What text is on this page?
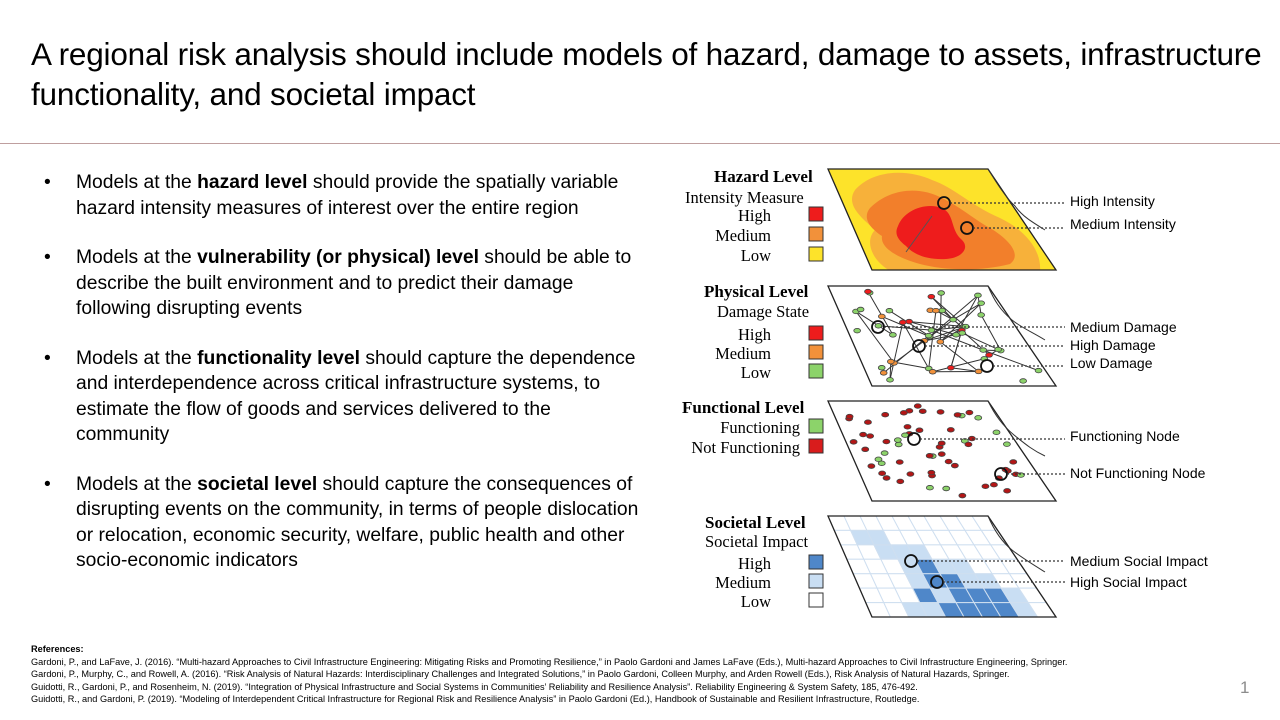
A regional risk analysis should include models of hazard, damage to assets, infrastructure functionality, and societal impact
• Models at the hazard level should provide the spatially variable hazard intensity measures of interest over the entire region
• Models at the vulnerability (or physical) level should be able to describe the built environment and to predict their damage following disrupting events
• Models at the functionality level should capture the dependence and interdependence across critical infrastructure systems, to estimate the flow of goods and services delivered to the community
• Models at the societal level should capture the consequences of disrupting events on the community, in terms of people dislocation or relocation, economic security, welfare, public health and other socio-economic indicators
Hazard Level
Intensity Measure
High
Medium
Low
High Intensity
Medium Intensity
Physical Level
Damage State
High
Medium
Low
Medium Damage
High Damage
Low Damage
Functional Level
Functioning
Not Functioning
Functioning Node
Not Functioning Node
Societal Level
Societal Impact
High
Medium
Low
Medium Social Impact
High Social Impact
References:
Gardoni, P., and LaFave, J. (2016). “Multi-hazard Approaches to Civil Infrastructure Engineering: Mitigating Risks and Promoting Resilience,” in Paolo Gardoni and James LaFave (Eds.), Multi-hazard Approaches to Civil Infrastructure Engineering, Springer.
Gardoni, P., Murphy, C., and Rowell, A. (2016). “Risk Analysis of Natural Hazards: Interdisciplinary Challenges and Integrated Solutions,” in Paolo Gardoni, Colleen Murphy, and Arden Rowell (Eds.), Risk Analysis of Natural Hazards, Springer.
Guidotti, R., Gardoni, P., and Rosenheim, N. (2019). “Integration of Physical Infrastructure and Social Systems in Communities’ Reliability and Resilience Analysis”. Reliability Engineering & System Safety, 185, 476-492.
Guidotti, R., and Gardoni, P. (2019). “Modeling of Interdependent Critical Infrastructure for Regional Risk and Resilience Analysis” in Paolo Gardoni (Ed.), Handbook of Sustainable and Resilient Infrastructure, Routledge.
1
